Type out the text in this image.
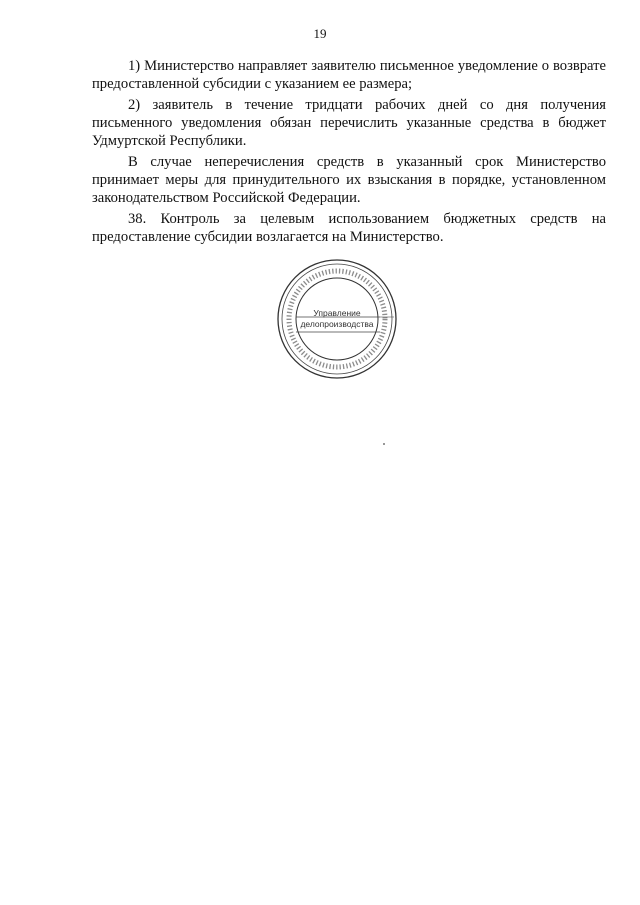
19

1) Министерство направляет заявителю письменное уведомление о возврате предоставленной субсидии с указанием ее размера;

2) заявитель в течение тридцати рабочих дней со дня получения письменного уведомления обязан перечислить указанные средства в бюджет Удмуртской Республики.

В случае неперечисления средств в указанный срок Министерство принимает меры для принудительного их взыскания в порядке, установленном законодательством Российской Федерации.

38. Контроль за целевым использованием бюджетных средств на предоставление субсидии возлагается на Министерство.

Управление
делопроизводства
